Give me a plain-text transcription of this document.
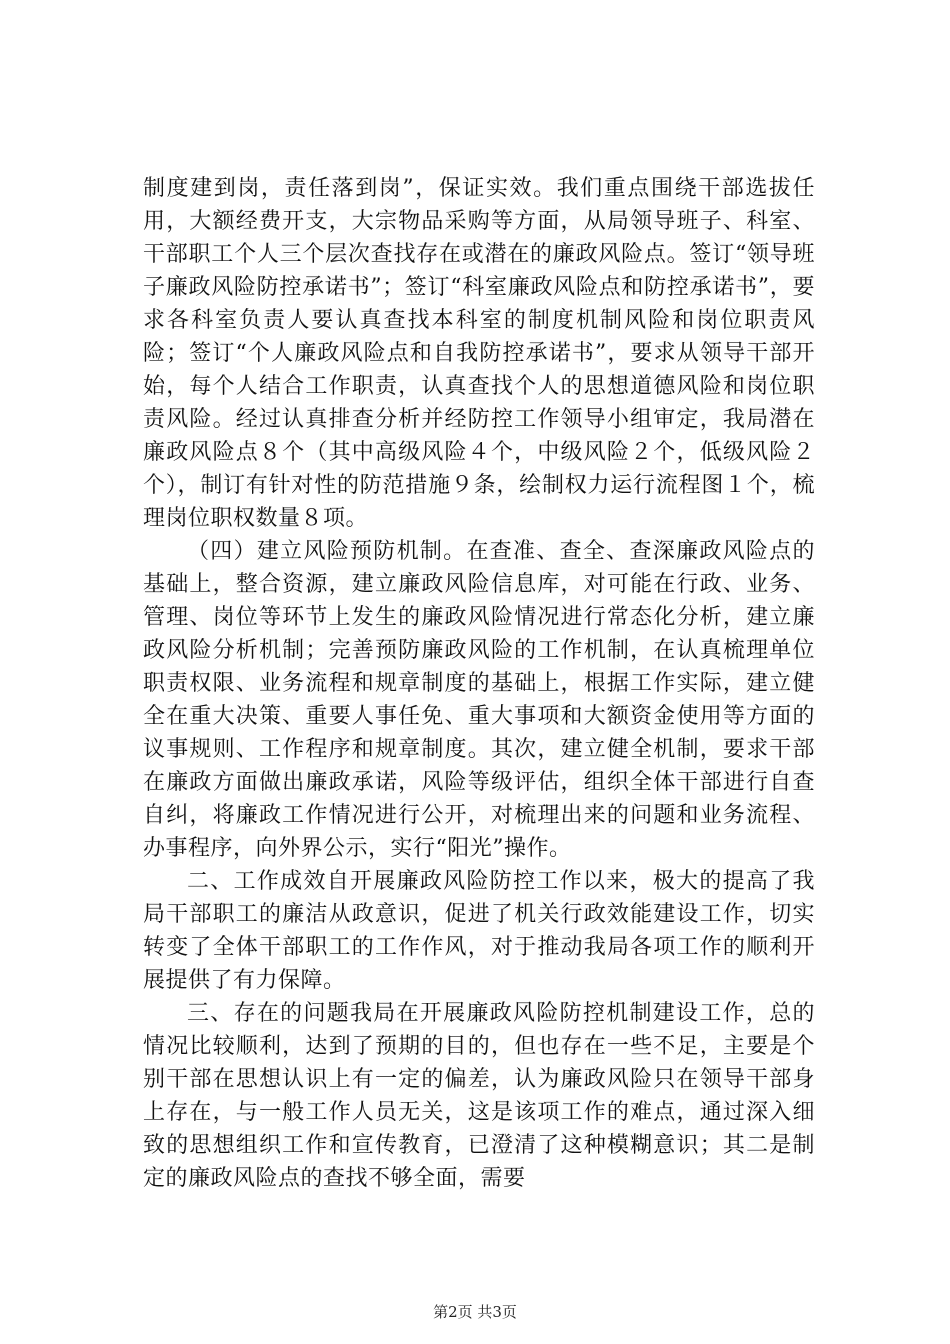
制度建到岗，责任落到岗”，保证实效。我们重点围绕干部选拔任用，大额经费开支，大宗物品采购等方面，从局领导班子、科室、干部职工个人三个层次查找存在或潜在的廉政风险点。签订“领导班子廉政风险防控承诺书”；签订“科室廉政风险点和防控承诺书”，要求各科室负责人要认真查找本科室的制度机制风险和岗位职责风险；签订“个人廉政风险点和自我防控承诺书”，要求从领导干部开始，每个人结合工作职责，认真查找个人的思想道德风险和岗位职责风险。经过认真排查分析并经防控工作领导小组审定，我局潜在廉政风险点８个（其中高级风险４个，中级风险２个，低级风险２个），制订有针对性的防范措施９条，绘制权力运行流程图１个，梳理岗位职权数量８项。

（四）建立风险预防机制。在查准、查全、查深廉政风险点的基础上，整合资源，建立廉政风险信息库，对可能在行政、业务、管理、岗位等环节上发生的廉政风险情况进行常态化分析，建立廉政风险分析机制；完善预防廉政风险的工作机制，在认真梳理单位职责权限、业务流程和规章制度的基础上，根据工作实际，建立健全在重大决策、重要人事任免、重大事项和大额资金使用等方面的议事规则、工作程序和规章制度。其次，建立健全机制，要求干部在廉政方面做出廉政承诺，风险等级评估，组织全体干部进行自查自纠，将廉政工作情况进行公开，对梳理出来的问题和业务流程、办事程序，向外界公示，实行“阳光”操作。

二、工作成效自开展廉政风险防控工作以来，极大的提高了我局干部职工的廉洁从政意识，促进了机关行政效能建设工作，切实转变了全体干部职工的工作作风，对于推动我局各项工作的顺利开展提供了有力保障。

三、存在的问题我局在开展廉政风险防控机制建设工作，总的情况比较顺利，达到了预期的目的，但也存在一些不足，主要是个别干部在思想认识上有一定的偏差，认为廉政风险只在领导干部身上存在，与一般工作人员无关，这是该项工作的难点，通过深入细致的思想组织工作和宣传教育，已澄清了这种模糊意识；其二是制定的廉政风险点的查找不够全面，需要

第2页 共3页
